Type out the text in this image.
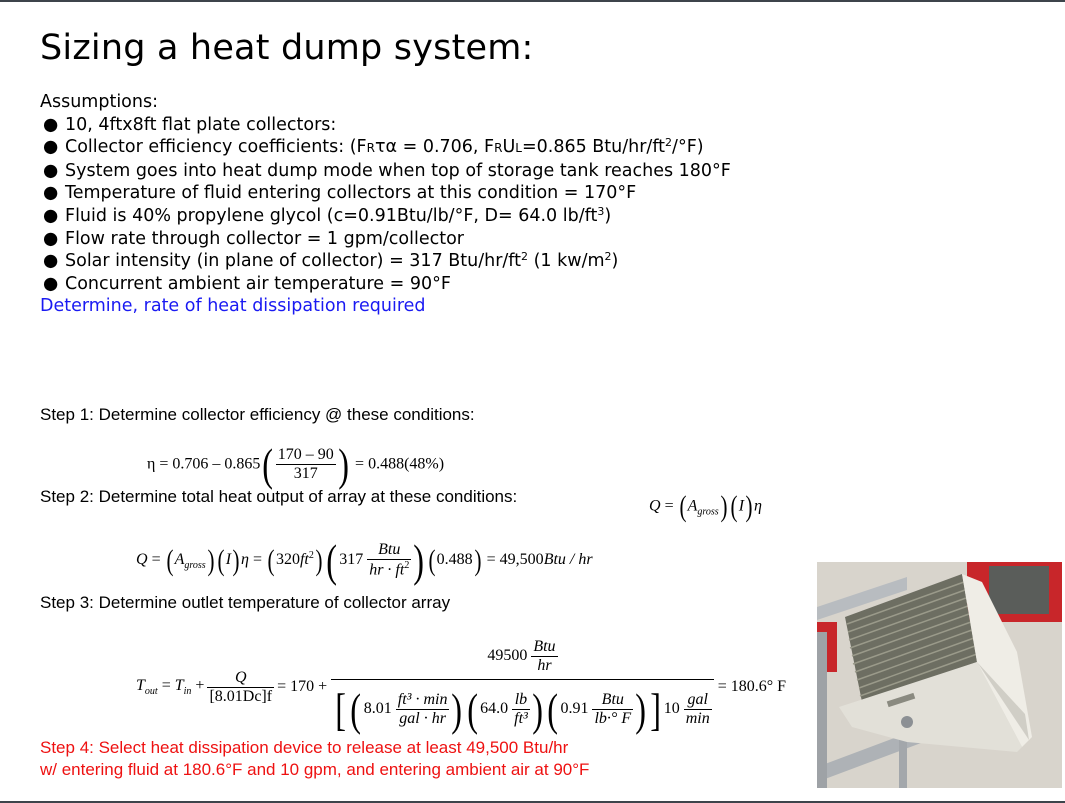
Sizing a heat dump system:
Assumptions:
● 10, 4ftx8ft flat plate collectors:
● Collector efficiency coefficients: (FRτα = 0.706, FRUL=0.865 Btu/$hr/ft^2/^\circ F$)
● System goes into heat dump mode when top of storage tank reaches 180°F
● Temperature of fluid entering collectors at this condition = 170°F
● Fluid is 40% propylene glycol (c=0.91Btu/lb/°F, D= 64.0 $lb/ft^3$)
● Flow rate through collector = 1 gpm/collector
● Solar intensity (in plane of collector) = 317 Btu/$hr/ft^2$ (1 $kw/m^2$)
● Concurrent ambient air temperature = 90°F
Determine, rate of heat dissipation required
Step 1: Determine collector efficiency @ these conditions:
$\eta = 0.706 - 0.865( \frac{170 - 90}{317}$ ) = 0.488(48%)
Step 2: Determine total heat output of array at these conditions:
$Q = (A_{gross})$ (I)η
$Q = (A_{gross}) (I)\eta = (320ft^2)$( $317 \frac{\text{Btu}}{hr \cdot ft^2}$ ) (0.488) = 49,500Btu / hr
Step 3: Determine outlet temperature of collector array
$T_{out} = T_{in} + \frac{Q}{[8.01Dc]f} = 170$ +
$49500 \frac{\text{Btu}}{hr}$
[( $8.01 \frac{\text{ft³ · min}}{\text{gal · hr}}$ )( $64.0 \frac{lb}{\text{ft³}}$ )( $0.91 \frac{\text{Btu}}{lb\cdot^\circ F}$ )] $10 \frac{\text{gal}}{\min}$
= 180.6° F
Step 4: Select heat dissipation device to release at least 49,500 Btu/hr
w/ entering fluid at 180.6°F and 10 gpm, and entering ambient air at 90°F
